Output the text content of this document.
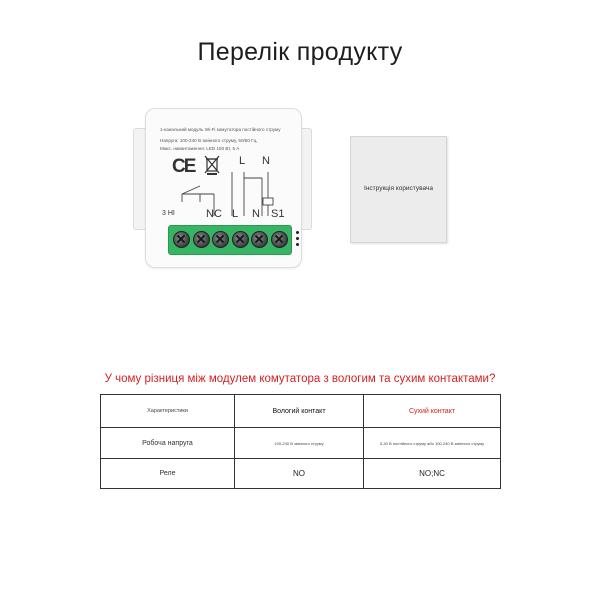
Перелік продукту
1-канальний модуль Wi-Fi комутатора постійного струму
Напруга: 100-240 В змінного струму, 50/60 Гц,
Макс. навантаження: LED 150 Вт, 5 А
CE	L N
3 HI	NC L N S1
Інструкція користувача
У чому різниця між модулем комутатора з вологим та сухим контактами?
Характеристики	Вологий контакт	Сухий контакт
Робоча напруга	100-240 В змінного струму	5-30 В постійного струму або 100-240 В змінного струму
Реле	NO	NO;NC
